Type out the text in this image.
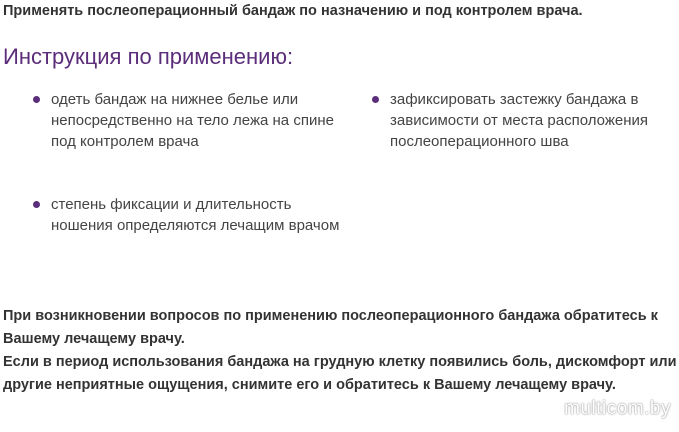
Применять послеоперационный бандаж по назначению и под контролем врача.
Инструкция по применению:
одеть бандаж на нижнее белье или непосредственно на тело лежа на спине под контролем врача
зафиксировать застежку бандажа в зависимости от места расположения послеоперационного шва
степень фиксации и длительность ношения определяются лечащим врачом

При возникновении вопросов по применению послеоперационного бандажа обратитесь к Вашему лечащему врачу.

Если в период использования бандажа на грудную клетку появились боль, дискомфорт или другие неприятные ощущения, снимите его и обратитесь к Вашему лечащему врачу.

multicom.by
